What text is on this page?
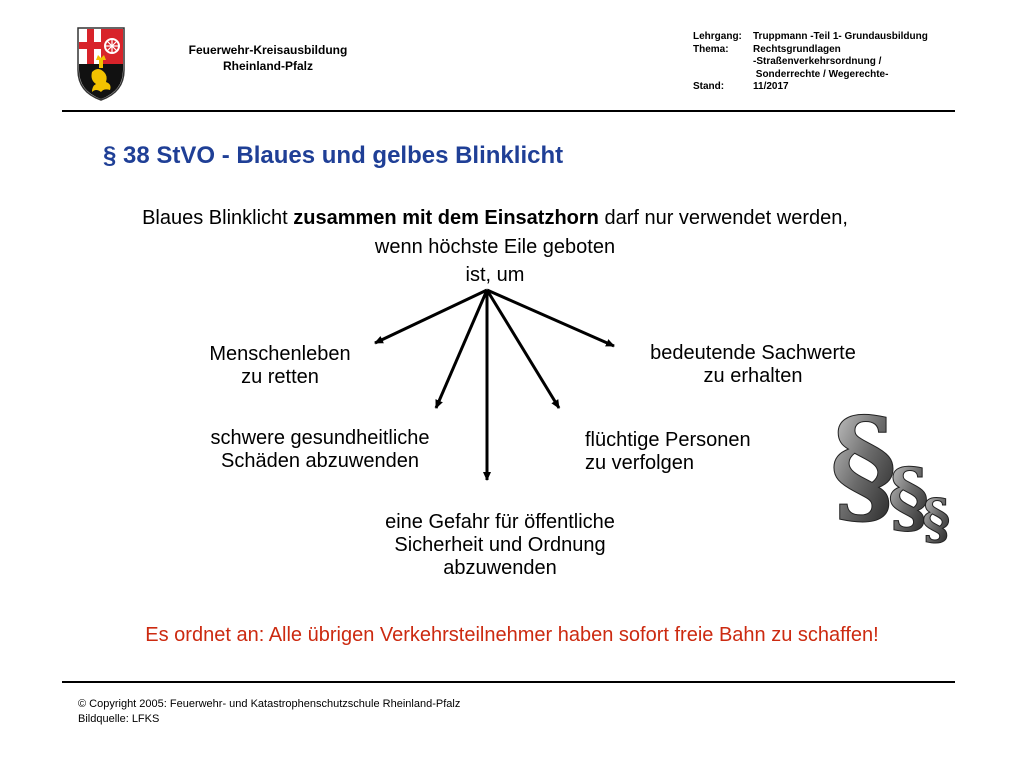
Feuerwehr-Kreisausbildung
Rheinland-Pfalz
Lehrgang:	Truppmann -Teil 1- Grundausbildung
Thema:	Rechtsgrundlagen
-Straßenverkehrsordnung /
Sonderrechte / Wegerechte-
Stand:	11/2017
§ 38 StVO - Blaues und gelbes Blinklicht
Blaues Blinklicht zusammen mit dem Einsatzhorn darf nur verwendet werden,
wenn höchste Eile geboten
ist, um
Menschenleben
zu retten
bedeutende Sachwerte
zu erhalten
schwere gesundheitliche
Schäden abzuwenden
flüchtige Personen
zu verfolgen
eine Gefahr für öffentliche
Sicherheit und Ordnung
abzuwenden
§
§
§
Es ordnet an: Alle übrigen Verkehrsteilnehmer haben sofort freie Bahn zu schaffen!
© Copyright 2005: Feuerwehr- und Katastrophenschutzschule Rheinland-Pfalz
Bildquelle: LFKS
